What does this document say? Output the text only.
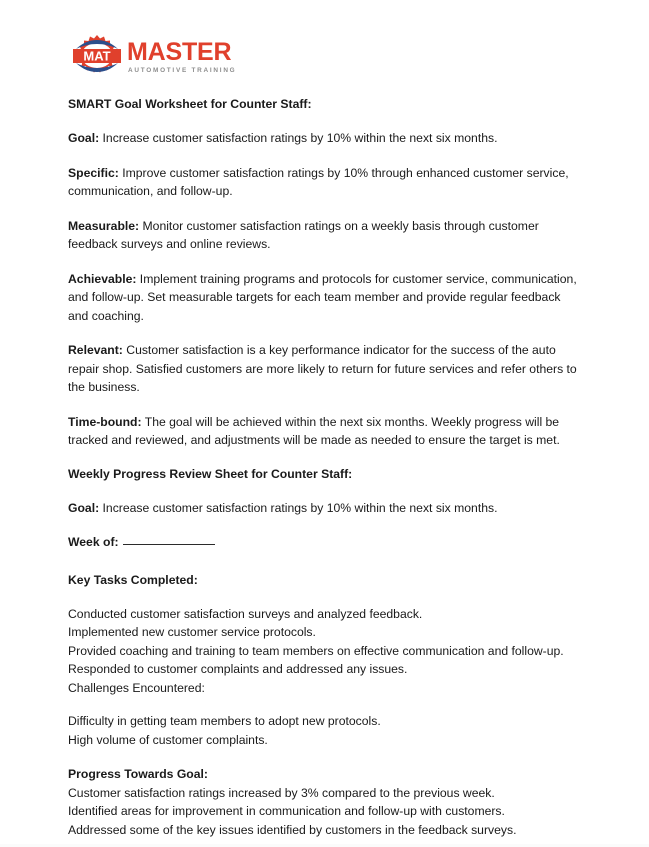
MAT MASTER
AUTOMOTIVE TRAINING
SMART Goal Worksheet for Counter Staff:

Goal: Increase customer satisfaction ratings by 10% within the next six months.

Specific: Improve customer satisfaction ratings by 10% through enhanced customer service, communication, and follow-up.

Measurable: Monitor customer satisfaction ratings on a weekly basis through customer feedback surveys and online reviews.

Achievable: Implement training programs and protocols for customer service, communication, and follow-up. Set measurable targets for each team member and provide regular feedback and coaching.

Relevant: Customer satisfaction is a key performance indicator for the success of the auto repair shop. Satisfied customers are more likely to return for future services and refer others to the business.

Time-bound: The goal will be achieved within the next six months. Weekly progress will be tracked and reviewed, and adjustments will be made as needed to ensure the target is met.

Weekly Progress Review Sheet for Counter Staff:

Goal: Increase customer satisfaction ratings by 10% within the next six months.

Week of:
Key Tasks Completed:
Conducted customer satisfaction surveys and analyzed feedback.
Implemented new customer service protocols.
Provided coaching and training to team members on effective communication and follow-up.
Responded to customer complaints and addressed any issues.
Challenges Encountered:
Difficulty in getting team members to adopt new protocols.
High volume of customer complaints.
Progress Towards Goal:
Customer satisfaction ratings increased by 3% compared to the previous week.
Identified areas for improvement in communication and follow-up with customers.
Addressed some of the key issues identified by customers in the feedback surveys.
